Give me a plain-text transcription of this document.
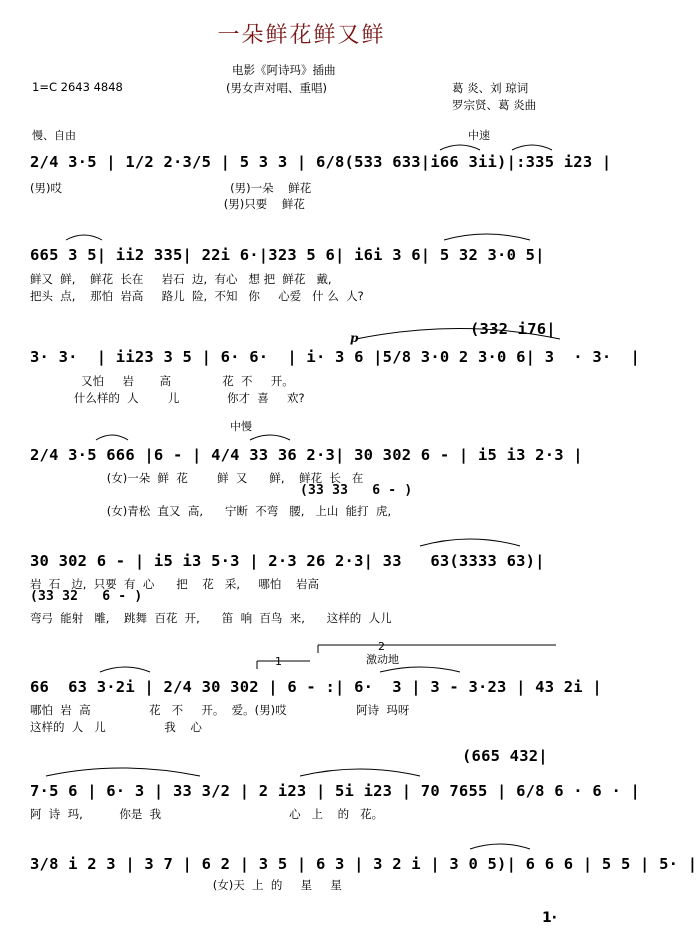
一朵鲜花鲜又鲜
1=C 2643 4848
电影《阿诗玛》插曲
(男女声对唱、重唱)	葛 炎、刘 琼词
罗宗贤、葛 炎曲
慢、自由	中速
2/4 3·5 | 1/2 2·3/5 | 5 3 3 | 6/8(533 633|i66 3ii)|:335 i23 |
(男)哎                                              (男)一朵    鲜花
(男)只要    鲜花
665 3 5| ii2 335| 22i 6·|323 5 6| i6i 3 6| 5 32 3·0 5|
鲜又  鲜,    鲜花  长在     岩石  边,  有心   想 把  鲜花   戴,
把头  点,    那怕  岩高     路儿  险,  不知   你     心爱   什 么  人?
(332 i76|
p
3· 3·  | ii23 3 5 | 6· 6·  | i· 3 6 |5/8 3·0 2 3·0 6| 3  · 3·  |
又怕     岩       高              花  不     开。
什么样的  人        儿             你才  喜     欢?
中慢
2/4 3·5 666 |6 - | 4/4 33 36 2·3| 30 302 6 - | i5 i3 2·3 |
(女)一朵  鲜  花        鲜  又      鲜,    鲜花  长   在
(33 33   6 - )
(女)青松  直又  高,      宁断  不弯   腰,   上山  能打  虎,
30 302 6 - | i5 i3 5·3 | 2·3 26 2·3| 33   63(3333 63)|
岩  石   边,  只要  有  心      把    花   采,     哪怕    岩高
(33 32   6 - )
弯弓  能射   雕,    跳舞  百花  开,      笛  响  百鸟  来,      这样的  人儿
激动地
1
2
66  63 3·2i | 2/4 30 302 | 6 - :| 6·  3 | 3 - 3·23 | 43 2i |
哪怕  岩  高                花   不     开。  爱。(男)哎                   阿诗  玛呀
这样的  人   儿                我    心
(665 432|
7·5 6 | 6· 3 | 33 3/2 | 2 i23 | 5i i23 | 70 7655 | 6/8 6 · 6 · |
阿  诗  玛,          你是  我                                   心   上    的   花。
3/8 i 2 3 | 3 7 | 6 2 | 3 5 | 6 3 | 3 2 i | 3 0 5)| 6 6 6 | 5 5 | 5· |
(女)天  上  的     星     星
1·
